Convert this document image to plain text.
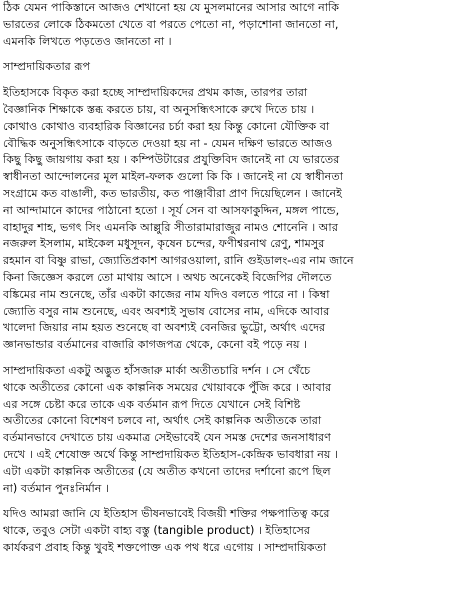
ঠিক যেমন পাকিস্তানে আজও শেখানো হয় যে মুসলমানের আসার আগে নাকি
ভারতের লোকে ঠিকমতো খেতে বা পরতে পেতো না, পড়াশোনা জানতো না,
এমনকি লিখতে পড়তেও জানতো না ।
সাম্প্রদায়িকতার রূপ
ইতিহাসকে বিকৃত করা হচ্ছে সাম্প্রদায়িকদের প্রথম কাজ, তারপর তারা
বৈজ্ঞানিক শিক্ষাকে স্তব্ধ করতে চায়, বা অনুসন্ধিৎসাকে রুখে দিতে চায় ।
কোথাও কোথাও ব্যবহারিক বিজ্ঞানের চর্চা করা হয় কিন্তু কোনো যৌক্তিক বা
বৌদ্ধিক অনুসন্ধিৎসাকে বাড়তে দেওয়া হয় না - যেমন দক্ষিণ ভারতে আজও
কিছু কিছু জায়গায় করা হয় । কম্পিউটারের প্রযুক্তিবিদ জানেই না যে ভারতের
স্বাধীনতা আন্দোলনের মূল মাইল-ফলক গুলো কি কি । জানেই না যে স্বাধীনতা
সংগ্রামে কত বাঙালী, কত ভারতীয়, কত পাঞ্জাবীরা প্রাণ দিয়েছিলেন । জানেই
না আন্দামানে কাদের পাঠানো হতো । সূর্য সেন বা আসফাকুদ্দিন, মঙ্গল পান্ডে,
বাহাদুর শাহ, ভগৎ সিং এমনকি আল্লুরি সীতারামারাজুর নামও শোনেনি । আর
নজরুল ইসলাম, মাইকেল মধুসূদন, কৃষেন চন্দের, ফণীশ্বরনাথ রেণু, শামসুর
রহমান বা বিষ্ণু রাভা, জ্যোতিপ্রকাশ আগরওয়ালা, রানি গুইডালং-এর নাম জানে
কিনা জিজ্ঞেস করলে তো মাথায় আসে । অথচ অনেকেই বিজেপির দৌলতে
বঙ্কিমের নাম শুনেছে, তাঁর একটা কাজের নাম যদিও বলতে পারে না । কিম্বা
জ্যোতি বসুর নাম শুনেছে, এবং অবশ্যই সুভাষ বোসের নাম, এদিকে আবার
খালেদা জিয়ার নাম হয়ত শুনেছে বা অবশ্যই বেনজির ভুট্টো, অর্থাৎ এদের
জ্ঞানভান্ডার বর্তমানের বাজারি কাগজপত্র থেকে, কেনো বই পড়ে নয় ।
সাম্প্রদায়িকতা একটু অদ্ভুত হাঁসজারু মার্কা অতীতচারি দর্শন । সে খেঁচে
থাকে অতীতের কোনো এক কাল্পনিক সময়ের খোয়াবকে পুঁজি করে । আবার
এর সঙ্গে চেষ্টা করে তাকে এক বর্তমান রূপ দিতে যেখানে সেই বিশিষ্ট
অতীতের কোনো বিশেষণ চলবে না, অর্থাৎ সেই কাল্পনিক অতীতকে তারা
বর্তমানভাবে দেখাতে চায় একমাত্র সেইভাবেই যেন সমস্ত দেশের জনসাধারণ
দেখে । এই শেষোক্ত অর্থে কিন্তু সাম্প্রদায়িকত ইতিহাস-কেন্দ্রিক ভাবধারা নয় ।
এটা একটা কাল্পনিক অতীতের (যে অতীত কখনো তাদের দর্শানো রূপে ছিল
না) বর্তমান পুনঃনির্মান ।
যদিও আমরা জানি যে ইতিহাস ভীষনভাবেই বিজয়ী শক্তির পক্ষপাতিত্ব করে
থাকে, তবুও সেটা একটা বাহ্য বস্তু (tangible product) । ইতিহাসের
কার্যকরণ প্রবাহ কিন্তু খুবই শক্তপোক্ত এক পথ ধরে এগোয় । সাম্প্রদায়িকতা
